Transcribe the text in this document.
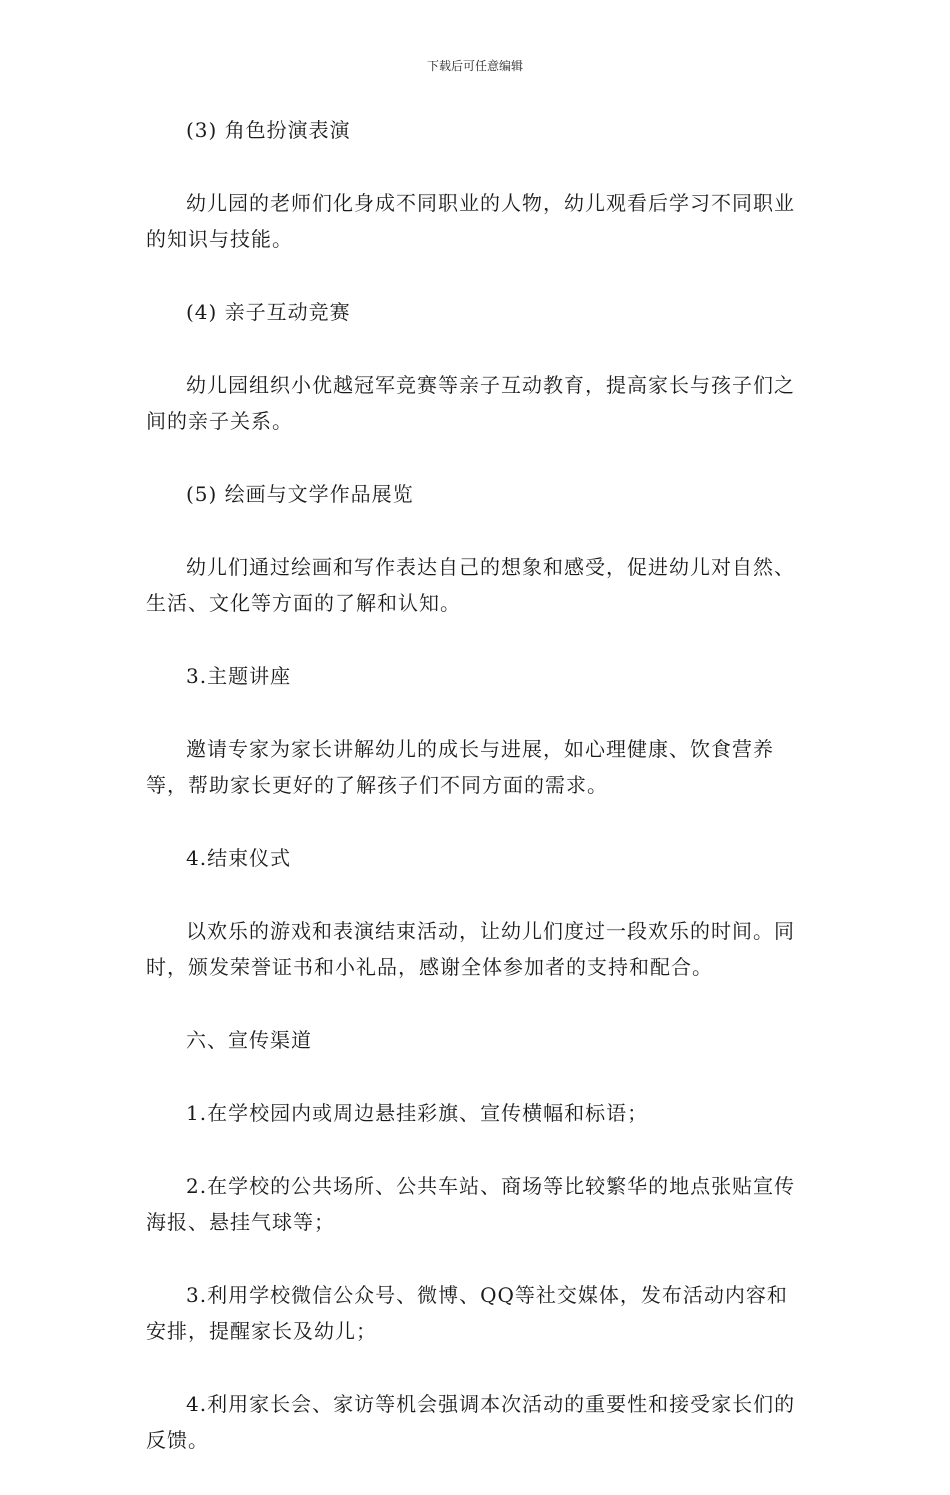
下载后可任意编辑

(3) 角色扮演表演

幼儿园的老师们化身成不同职业的人物，幼儿观看后学习不同职业的知识与技能。

(4) 亲子互动竞赛

幼儿园组织小优越冠军竞赛等亲子互动教育，提高家长与孩子们之间的亲子关系。

(5) 绘画与文学作品展览

幼儿们通过绘画和写作表达自己的想象和感受，促进幼儿对自然、生活、文化等方面的了解和认知。

3.主题讲座

邀请专家为家长讲解幼儿的成长与进展，如心理健康、饮食营养等，帮助家长更好的了解孩子们不同方面的需求。

4.结束仪式

以欢乐的游戏和表演结束活动，让幼儿们度过一段欢乐的时间。同时，颁发荣誉证书和小礼品，感谢全体参加者的支持和配合。

六、宣传渠道

1.在学校园内或周边悬挂彩旗、宣传横幅和标语；

2.在学校的公共场所、公共车站、商场等比较繁华的地点张贴宣传海报、悬挂气球等；

3.利用学校微信公众号、微博、QQ等社交媒体，发布活动内容和安排，提醒家长及幼儿；

4.利用家长会、家访等机会强调本次活动的重要性和接受家长们的反馈。
